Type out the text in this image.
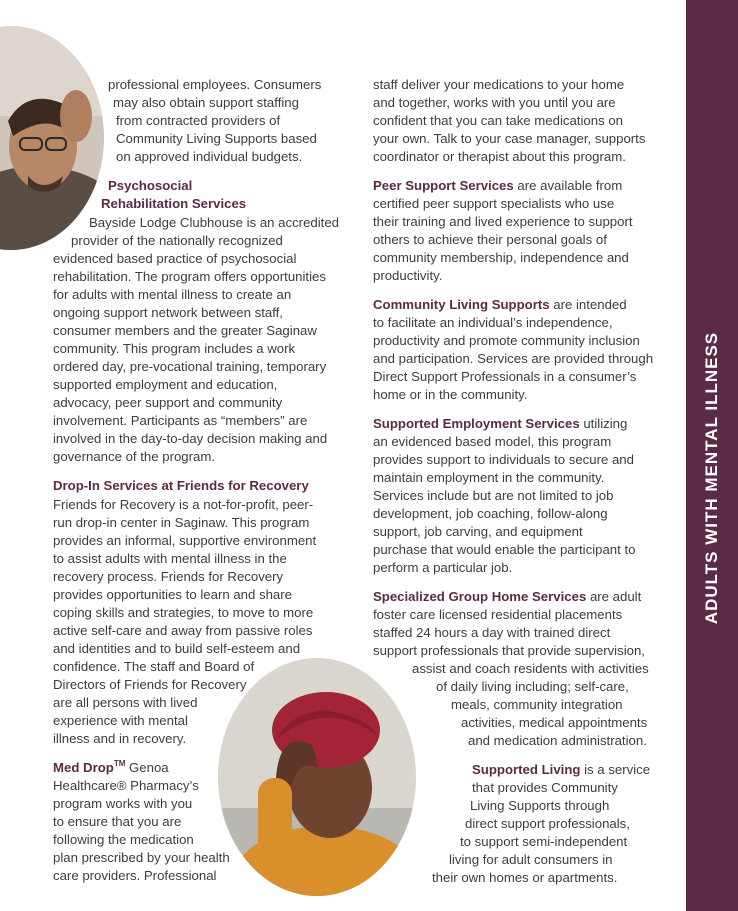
ADULTS WITH MENTAL ILLNESS
professional employees. Consumers
may also obtain support staffing
from contracted providers of
Community Living Supports based
on approved individual budgets.
Psychosocial
Rehabilitation Services
Bayside Lodge Clubhouse is an accredited
provider of the nationally recognized
evidenced based practice of psychosocial
rehabilitation. The program offers opportunities
for adults with mental illness to create an
ongoing support network between staff,
consumer members and the greater Saginaw
community. This program includes a work
ordered day, pre-vocational training, temporary
supported employment and education,
advocacy, peer support and community
involvement. Participants as “members” are
involved in the day-to-day decision making and
governance of the program.
Drop-In Services at Friends for Recovery
Friends for Recovery is a not-for-profit, peer-
run drop-in center in Saginaw. This program
provides an informal, supportive environment
to assist adults with mental illness in the
recovery process. Friends for Recovery
provides opportunities to learn and share
coping skills and strategies, to move to more
active self-care and away from passive roles
and identities and to build self-esteem and
confidence. The staff and Board of
Directors of Friends for Recovery
are all persons with lived
experience with mental
illness and in recovery.
Med Drop™ Genoa
Healthcare® Pharmacy’s
program works with you
to ensure that you are
following the medication
plan prescribed by your health
care providers. Professional
staff deliver your medications to your home
and together, works with you until you are
confident that you can take medications on
your own. Talk to your case manager, supports
coordinator or therapist about this program.
Peer Support Services are available from
certified peer support specialists who use
their training and lived experience to support
others to achieve their personal goals of
community membership, independence and
productivity.
Community Living Supports are intended
to facilitate an individual’s independence,
productivity and promote community inclusion
and participation. Services are provided through
Direct Support Professionals in a consumer’s
home or in the community.
Supported Employment Services utilizing
an evidenced based model, this program
provides support to individuals to secure and
maintain employment in the community.
Services include but are not limited to job
development, job coaching, follow-along
support, job carving, and equipment
purchase that would enable the participant to
perform a particular job.
Specialized Group Home Services are adult
foster care licensed residential placements
staffed 24 hours a day with trained direct
support professionals that provide supervision,
assist and coach residents with activities
of daily living including; self-care,
meals, community integration
activities, medical appointments
and medication administration.
Supported Living is a service
that provides Community
Living Supports through
direct support professionals,
to support semi-independent
living for adult consumers in
their own homes or apartments.
